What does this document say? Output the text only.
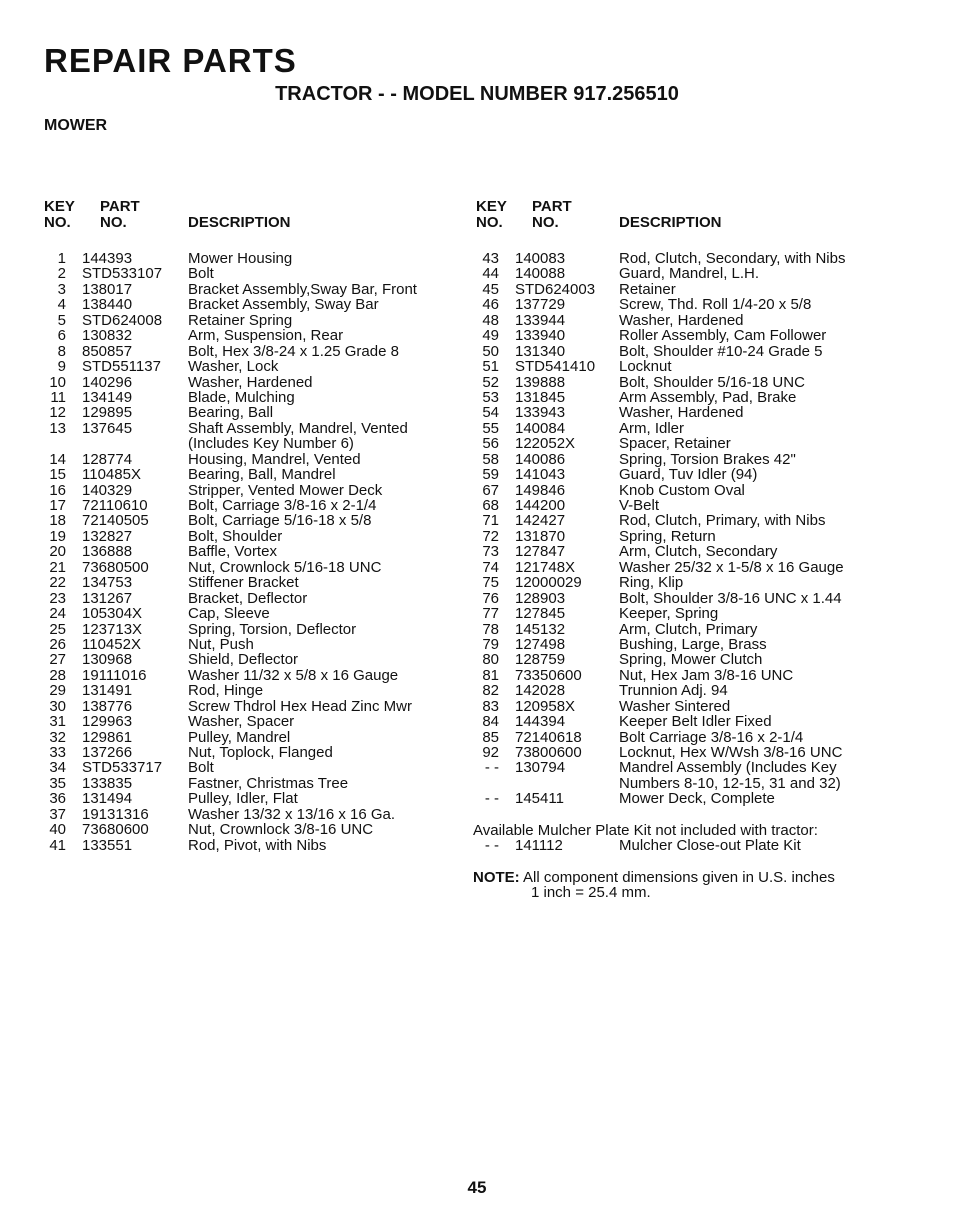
REPAIR PARTS
TRACTOR - - MODEL NUMBER 917.256510
MOWER
KEY
NO.
PART
NO.	DESCRIPTION
1 144393	Mower Housing
2 STD533107 Bolt
3 138017	Bracket Assembly,Sway Bar, Front
4 138440	Bracket Assembly, Sway Bar
5 STD624008 Retainer Spring
6 130832	Arm, Suspension, Rear
8 850857	Bolt, Hex 3/8-24 x 1.25 Grade 8
9 STD551137 Washer, Lock
10 140296	Washer, Hardened
11 134149	Blade, Mulching
12 129895	Bearing, Ball
13 137645	Shaft Assembly, Mandrel, Vented
(Includes Key Number 6)
14 128774	Housing, Mandrel, Vented
15 110485X	Bearing, Ball, Mandrel
16 140329	Stripper, Vented Mower Deck
17 72110610	Bolt, Carriage 3/8-16 x 2-1/4
18 72140505	Bolt, Carriage 5/16-18 x 5/8
19 132827	Bolt, Shoulder
20 136888	Baffle, Vortex
21 73680500	Nut, Crownlock 5/16-18 UNC
22 134753	Stiffener Bracket
23 131267	Bracket, Deflector
24 105304X	Cap, Sleeve
25 123713X	Spring, Torsion, Deflector
26 110452X	Nut, Push
27 130968	Shield, Deflector
28 19111016	Washer 11/32 x 5/8 x 16 Gauge
29 131491	Rod, Hinge
30 138776	Screw Thdrol Hex Head Zinc Mwr
31 129963	Washer, Spacer
32 129861	Pulley, Mandrel
33 137266	Nut, Toplock, Flanged
34 STD533717 Bolt
35 133835	Fastner, Christmas Tree
36 131494	Pulley, Idler, Flat
37 19131316	Washer 13/32 x 13/16 x 16 Ga.
40 73680600	Nut, Crownlock 3/8-16 UNC
41 133551	Rod, Pivot, with Nibs
KEY
NO.
PART
NO.	DESCRIPTION
43 140083	Rod, Clutch, Secondary, with Nibs
44 140088	Guard, Mandrel, L.H.
45 STD624003 Retainer
46 137729	Screw, Thd. Roll 1/4-20 x 5/8
48 133944	Washer, Hardened
49 133940	Roller Assembly, Cam Follower
50 131340	Bolt, Shoulder #10-24 Grade 5
51 STD541410 Locknut
52 139888	Bolt, Shoulder 5/16-18 UNC
53 131845	Arm Assembly, Pad, Brake
54 133943	Washer, Hardened
55 140084	Arm, Idler
56 122052X	Spacer, Retainer
58 140086	Spring, Torsion Brakes 42"
59 141043	Guard, Tuv Idler (94)
67 149846	Knob Custom Oval
68 144200	V-Belt
71 142427	Rod, Clutch, Primary, with Nibs
72 131870	Spring, Return
73 127847	Arm, Clutch, Secondary
74 121748X	Washer 25/32 x 1-5/8 x 16 Gauge
75 12000029 Ring, Klip
76 128903	Bolt, Shoulder 3/8-16 UNC x 1.44
77 127845	Keeper, Spring
78 145132	Arm, Clutch, Primary
79 127498	Bushing, Large, Brass
80 128759	Spring, Mower Clutch
81 73350600 Nut, Hex Jam 3/8-16 UNC
82 142028	Trunnion Adj. 94
83 120958X	Washer Sintered
84 144394	Keeper Belt Idler Fixed
85 72140618 Bolt Carriage 3/8-16 x 2-1/4
92 73800600 Locknut, Hex W/Wsh 3/8-16 UNC
- - 130794	Mandrel Assembly (Includes Key
Numbers 8-10, 12-15, 31 and 32)
- - 145411	Mower Deck, Complete
Available Mulcher Plate Kit not included with tractor:
- - 141112	Mulcher Close-out Plate Kit
NOTE: All component dimensions given in U.S. inches
1 inch = 25.4 mm.
45
